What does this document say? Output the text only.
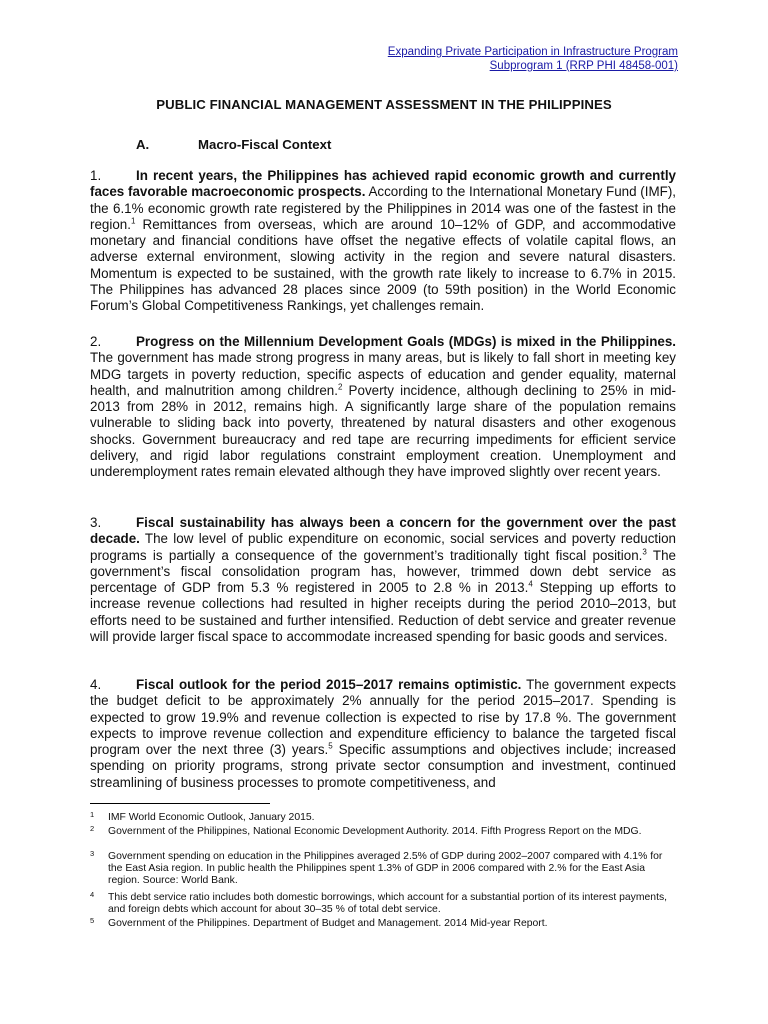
Expanding Private Participation in Infrastructure Program
Subprogram 1 (RRP PHI 48458-001)
PUBLIC FINANCIAL MANAGEMENT ASSESSMENT IN THE PHILIPPINES
A.	Macro-Fiscal Context
1.	In recent years, the Philippines has achieved rapid economic growth and currently faces favorable macroeconomic prospects. According to the International Monetary Fund (IMF), the 6.1% economic growth rate registered by the Philippines in 2014 was one of the fastest in the region.$^1$ Remittances from overseas, which are around 10–12% of GDP, and accommodative monetary and financial conditions have offset the negative effects of volatile capital flows, an adverse external environment, slowing activity in the region and severe natural disasters. Momentum is expected to be sustained, with the growth rate likely to increase to 6.7% in 2015. The Philippines has advanced 28 places since 2009 (to 59th position) in the World Economic Forum’s Global Competitiveness Rankings, yet challenges remain.
2.	Progress on the Millennium Development Goals (MDGs) is mixed in the Philippines. The government has made strong progress in many areas, but is likely to fall short in meeting key MDG targets in poverty reduction, specific aspects of education and gender equality, maternal health, and malnutrition among children.$^2$ Poverty incidence, although declining to 25% in mid-2013 from 28% in 2012, remains high. A significantly large share of the population remains vulnerable to sliding back into poverty, threatened by natural disasters and other exogenous shocks. Government bureaucracy and red tape are recurring impediments for efficient service delivery, and rigid labor regulations constraint employment creation. Unemployment and underemployment rates remain elevated although they have improved slightly over recent years.
3.	Fiscal sustainability has always been a concern for the government over the past decade. The low level of public expenditure on economic, social services and poverty reduction programs is partially a consequence of the government’s traditionally tight fiscal position.$^3$ The government’s fiscal consolidation program has, however, trimmed down debt service as percentage of GDP from 5.3 % registered in 2005 to 2.8 % in 2013.$^4$ Stepping up efforts to increase revenue collections had resulted in higher receipts during the period 2010–2013, but efforts need to be sustained and further intensified. Reduction of debt service and greater revenue will provide larger fiscal space to accommodate increased spending for basic goods and services.
4.	Fiscal outlook for the period 2015–2017 remains optimistic. The government expects the budget deficit to be approximately 2% annually for the period 2015–2017. Spending is expected to grow 19.9% and revenue collection is expected to rise by 17.8 %. The government expects to improve revenue collection and expenditure efficiency to balance the targeted fiscal program over the next three (3) years.$^5$ Specific assumptions and objectives include; increased spending on priority programs, strong private sector consumption and investment, continued streamlining of business processes to promote competitiveness, and
1 IMF World Economic Outlook, January 2015.
2 Government of the Philippines, National Economic Development Authority. 2014. Fifth Progress Report on the MDG.
3 Government spending on education in the Philippines averaged 2.5% of GDP during 2002–2007 compared with 4.1% for the East Asia region. In public health the Philippines spent 1.3% of GDP in 2006 compared with 2.% for the East Asia region. Source: World Bank.
4 This debt service ratio includes both domestic borrowings, which account for a substantial portion of its interest payments, and foreign debts which account for about 30–35 % of total debt service.
5 Government of the Philippines. Department of Budget and Management. 2014 Mid-year Report.
